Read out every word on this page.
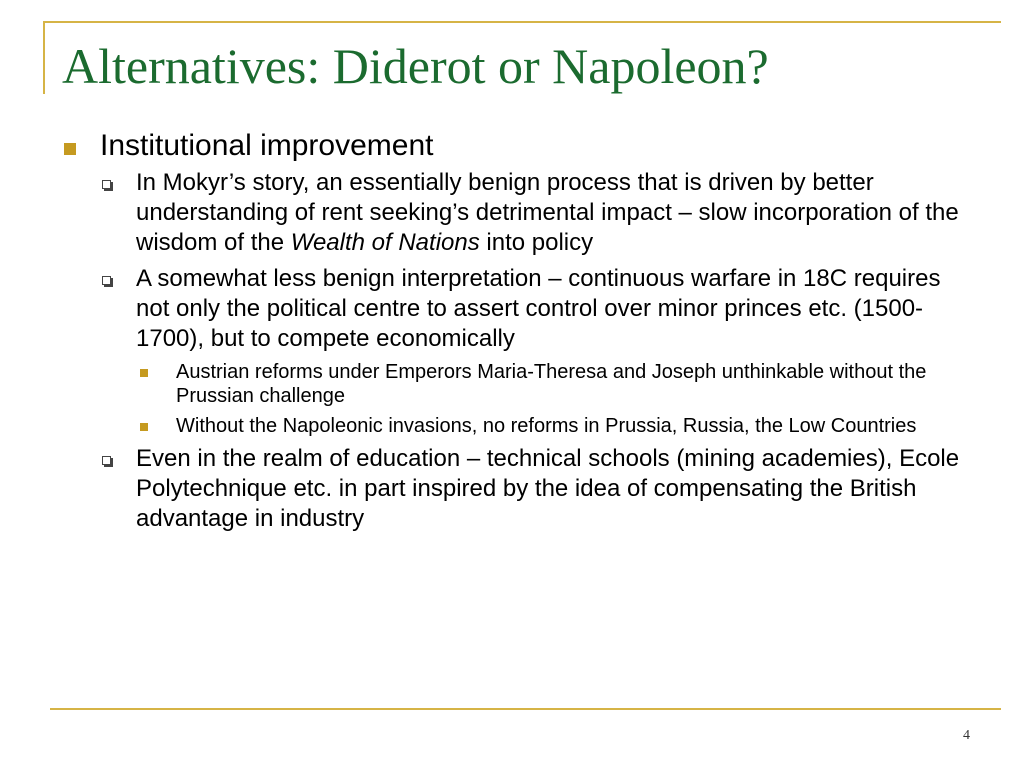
Alternatives: Diderot or Napoleon?
Institutional improvement
In Mokyr’s story, an essentially benign process that is driven by better understanding of rent seeking’s detrimental impact – slow incorporation of the wisdom of the Wealth of Nations into policy
A somewhat less benign interpretation – continuous warfare in 18C requires not only the political centre to assert control over minor princes etc. (1500-1700), but to compete economically
Austrian reforms under Emperors Maria-Theresa and Joseph unthinkable without the Prussian challenge
Without the Napoleonic invasions, no reforms in Prussia, Russia, the Low Countries
Even in the realm of education – technical schools (mining academies), Ecole Polytechnique etc. in part inspired by the idea of compensating the British advantage in industry
4
